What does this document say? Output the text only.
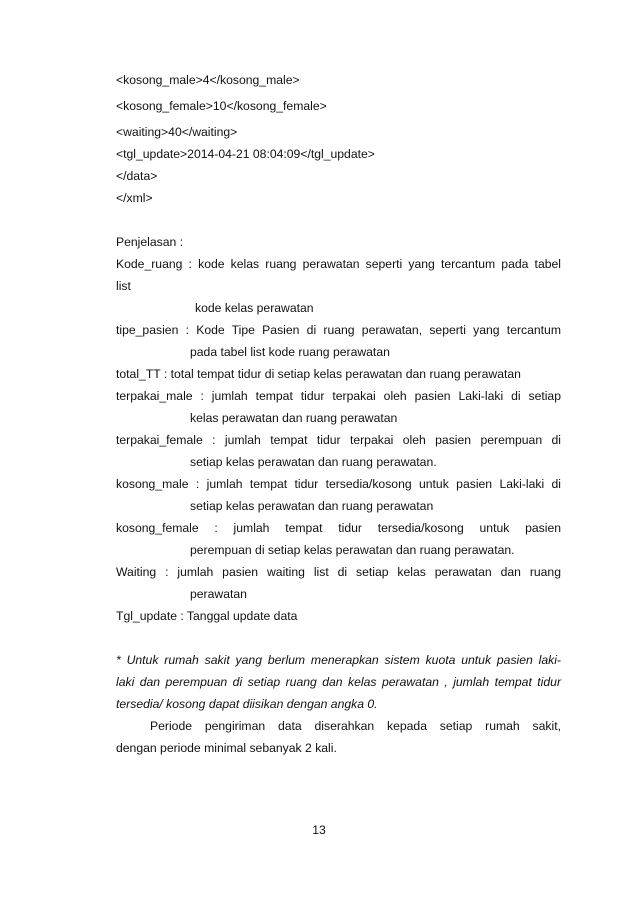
<kosong_male>4</kosong_male>
<kosong_female>10</kosong_female>
<waiting>40</waiting>
<tgl_update>2014-04-21 08:04:09</tgl_update>
</data>
</xml>
Penjelasan :
Kode_ruang : kode kelas ruang perawatan seperti yang tercantum pada tabel
list
kode kelas perawatan
tipe_pasien : Kode Tipe Pasien di ruang perawatan, seperti yang tercantum
pada tabel list kode ruang perawatan
total_TT : total tempat tidur di setiap kelas perawatan dan ruang perawatan
terpakai_male : jumlah tempat tidur terpakai oleh pasien Laki-laki di setiap
kelas perawatan dan ruang perawatan
terpakai_female : jumlah tempat tidur terpakai oleh pasien perempuan di
setiap kelas perawatan dan ruang perawatan.
kosong_male : jumlah tempat tidur tersedia/kosong untuk pasien Laki-laki di
setiap kelas perawatan dan ruang perawatan
kosong_female : jumlah tempat tidur tersedia/kosong untuk pasien
perempuan di setiap kelas perawatan dan ruang perawatan.
Waiting : jumlah pasien waiting list di setiap kelas perawatan dan ruang
perawatan
Tgl_update : Tanggal update data
* Untuk rumah sakit yang berlum menerapkan sistem kuota untuk pasien laki-
laki dan perempuan di setiap ruang dan kelas perawatan , jumlah tempat tidur
tersedia/ kosong dapat diisikan dengan angka 0.
Periode pengiriman data diserahkan kepada setiap rumah sakit,
dengan periode minimal sebanyak 2 kali.
13
